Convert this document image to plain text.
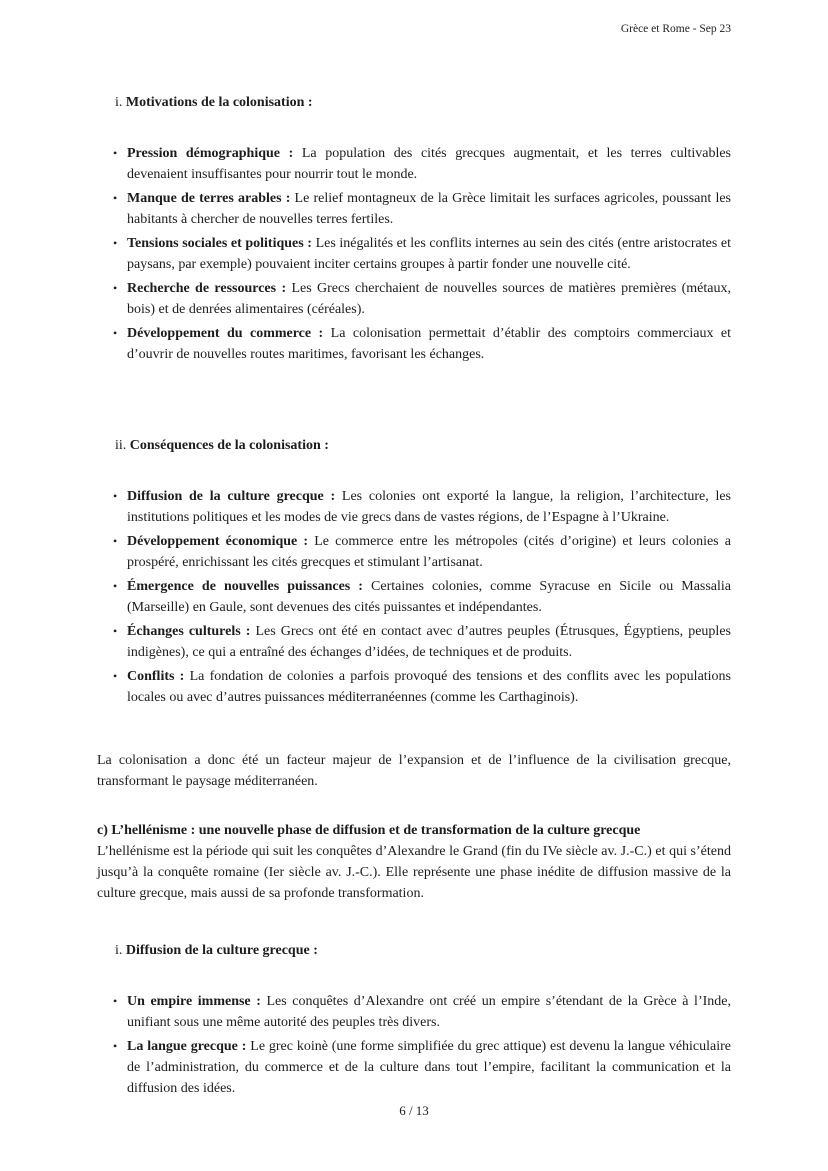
Grèce et Rome - Sep 23
i. Motivations de la colonisation :
• Pression démographique : La population des cités grecques augmentait, et les terres cultivables devenaient insuffisantes pour nourrir tout le monde.
• Manque de terres arables : Le relief montagneux de la Grèce limitait les surfaces agricoles, poussant les habitants à chercher de nouvelles terres fertiles.
• Tensions sociales et politiques : Les inégalités et les conflits internes au sein des cités (entre aristocrates et paysans, par exemple) pouvaient inciter certains groupes à partir fonder une nouvelle cité.
• Recherche de ressources : Les Grecs cherchaient de nouvelles sources de matières premières (métaux, bois) et de denrées alimentaires (céréales).
• Développement du commerce : La colonisation permettait d’établir des comptoirs commerciaux et d’ouvrir de nouvelles routes maritimes, favorisant les échanges.
ii. Conséquences de la colonisation :
• Diffusion de la culture grecque : Les colonies ont exporté la langue, la religion, l’architecture, les institutions politiques et les modes de vie grecs dans de vastes régions, de l’Espagne à l’Ukraine.
• Développement économique : Le commerce entre les métropoles (cités d’origine) et leurs colonies a prospéré, enrichissant les cités grecques et stimulant l’artisanat.
• Émergence de nouvelles puissances : Certaines colonies, comme Syracuse en Sicile ou Massalia (Marseille) en Gaule, sont devenues des cités puissantes et indépendantes.
• Échanges culturels : Les Grecs ont été en contact avec d’autres peuples (Étrusques, Égyptiens, peuples indigènes), ce qui a entraîné des échanges d’idées, de techniques et de produits.
• Conflits : La fondation de colonies a parfois provoqué des tensions et des conflits avec les populations locales ou avec d’autres puissances méditerranéennes (comme les Carthaginois).

La colonisation a donc été un facteur majeur de l’expansion et de l’influence de la civilisation grecque, transformant le paysage méditerranéen.

c) L’hellénisme : une nouvelle phase de diffusion et de transformation de la culture grecque

L’hellénisme est la période qui suit les conquêtes d’Alexandre le Grand (fin du IVe siècle av. J.-C.) et qui s’étend jusqu’à la conquête romaine (Ier siècle av. J.-C.). Elle représente une phase inédite de diffusion massive de la culture grecque, mais aussi de sa profonde transformation.

i. Diffusion de la culture grecque :
• Un empire immense : Les conquêtes d’Alexandre ont créé un empire s’étendant de la Grèce à l’Inde, unifiant sous une même autorité des peuples très divers.
• La langue grecque : Le grec koinè (une forme simplifiée du grec attique) est devenu la langue véhiculaire de l’administration, du commerce et de la culture dans tout l’empire, facilitant la communication et la diffusion des idées.
6 / 13
